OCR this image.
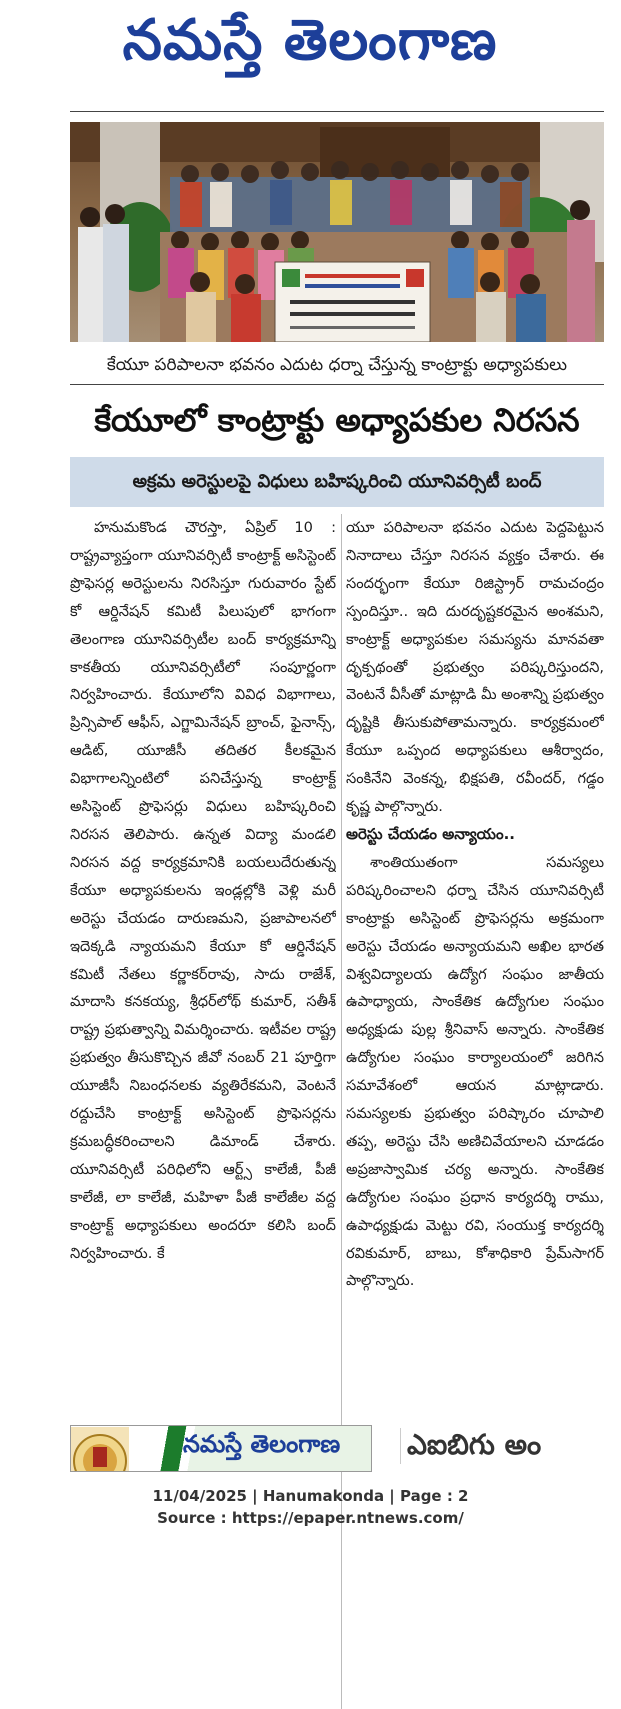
నమస్తే తెలంగాణ
కేయూ పరిపాలనా భవనం ఎదుట ధర్నా చేస్తున్న కాంట్రాక్టు అధ్యాపకులు
కేయూలో కాంట్రాక్టు అధ్యాపకుల నిరసన
అక్రమ అరెస్టులపై విధులు బహిష్కరించి యూనివర్సిటీ బంద్

హనుమకొండ చౌరస్తా, ఏప్రిల్ 10 : రాష్ట్రవ్యాప్తంగా యూనివర్సిటీ కాంట్రాక్ట్ అసిస్టెంట్ ప్రొఫెసర్ల అరెస్టులను నిరసిస్తూ గురువారం స్టేట్ కో ఆర్డినేషన్ కమిటీ పిలుపులో భాగంగా తెలంగాణ యూనివర్సిటీల బంద్ కార్యక్రమాన్ని కాకతీయ యూనివర్సిటీలో సంపూర్ణంగా నిర్వహించారు. కేయూలోని వివిధ విభాగాలు, ప్రిన్సిపాల్ ఆఫీస్, ఎగ్జామినేషన్ బ్రాంచ్, ఫైనాన్స్, ఆడిట్, యూజీసీ తదితర కీలకమైన విభాగాలన్నింటిలో పనిచేస్తున్న కాంట్రాక్ట్ అసిస్టెంట్ ప్రొఫెసర్లు విధులు బహిష్కరించి నిరసన తెలిపారు. ఉన్నత విద్యా మండలి నిరసన వద్ద కార్యక్రమానికి బయలుదేరుతున్న కేయూ అధ్యాపకులను ఇండ్లల్లోకి వెళ్లి మరీ అరెస్టు చేయడం దారుణమని, ప్రజాపాలనలో ఇదెక్కడి న్యాయమని కేయూ కో ఆర్డినేషన్ కమిటీ నేతలు కర్ణాకర్‌రావు, సాదు రాజేశ్, మాదాసి కనకయ్య, శ్రీధర్‌లోథ్ కుమార్, సతీశ్ రాష్ట్ర ప్రభుత్వాన్ని విమర్శించారు. ఇటీవల రాష్ట్ర ప్రభుత్వం తీసుకొచ్చిన జీవో నంబర్ 21 పూర్తిగా యూజీసీ నిబంధనలకు వ్యతిరేకమని, వెంటనే రద్దుచేసి కాంట్రాక్ట్ అసిస్టెంట్ ప్రొఫెసర్లను క్రమబద్ధీకరించాలని డిమాండ్ చేశారు. యూనివర్సిటీ పరిధిలోని ఆర్ట్స్ కాలేజీ, పీజీ కాలేజీ, లా కాలేజీ, మహిళా పీజీ కాలేజీల వద్ద కాంట్రాక్ట్ అధ్యాపకులు అందరూ కలిసి బంద్ నిర్వహించారు. కే

యూ పరిపాలనా భవనం ఎదుట పెద్దపెట్టున నినాదాలు చేస్తూ నిరసన వ్యక్తం చేశారు. ఈ సందర్భంగా కేయూ రిజిస్ట్రార్ రామచంద్రం స్పందిస్తూ.. ఇది దురదృష్టకరమైన అంశమని, కాంట్రాక్ట్ అధ్యాపకుల సమస్యను మానవతా దృక్పథంతో ప్రభుత్వం పరిష్కరిస్తుందని, వెంటనే వీసీతో మాట్లాడి మీ అంశాన్ని ప్రభుత్వం దృష్టికి తీసుకుపోతామన్నారు. కార్యక్రమంలో కేయూ ఒప్పంద అధ్యాపకులు ఆశీర్వాదం, సంకినేని వెంకన్న, భిక్షపతి, రవీందర్, గడ్డం కృష్ణ పాల్గొన్నారు.

అరెస్టు చేయడం అన్యాయం..

శాంతియుతంగా సమస్యలు పరిష్కరించాలని ధర్నా చేసిన యూనివర్సిటీ కాంట్రాక్టు అసిస్టెంట్ ప్రొఫెసర్లను అక్రమంగా అరెస్టు చేయడం అన్యాయమని అఖిల భారత విశ్వవిద్యాలయ ఉద్యోగ సంఘం జాతీయ ఉపాధ్యాయ, సాంకేతిక ఉద్యోగుల సంఘం అధ్యక్షుడు పుల్ల శ్రీనివాస్ అన్నారు. సాంకేతిక ఉద్యోగుల సంఘం కార్యాలయంలో జరిగిన సమావేశంలో ఆయన మాట్లాడారు. సమస్యలకు ప్రభుత్వం పరిష్కారం చూపాలి తప్ప, అరెస్టు చేసి అణిచివేయాలని చూడడం అప్రజాస్వామిక చర్య అన్నారు. సాంకేతిక ఉద్యోగుల సంఘం ప్రధాన కార్యదర్శి రాము, ఉపాధ్యక్షుడు మెట్టు రవి, సంయుక్త కార్యదర్శి రవికుమార్, బాబు, కోశాధికారి ప్రేమ్‌సాగర్ పాల్గొన్నారు.

నమస్తే తెలంగాణ ఎఐబిగు అం
11/04/2025 | Hanumakonda | Page : 2
Source : https://epaper.ntnews.com/
